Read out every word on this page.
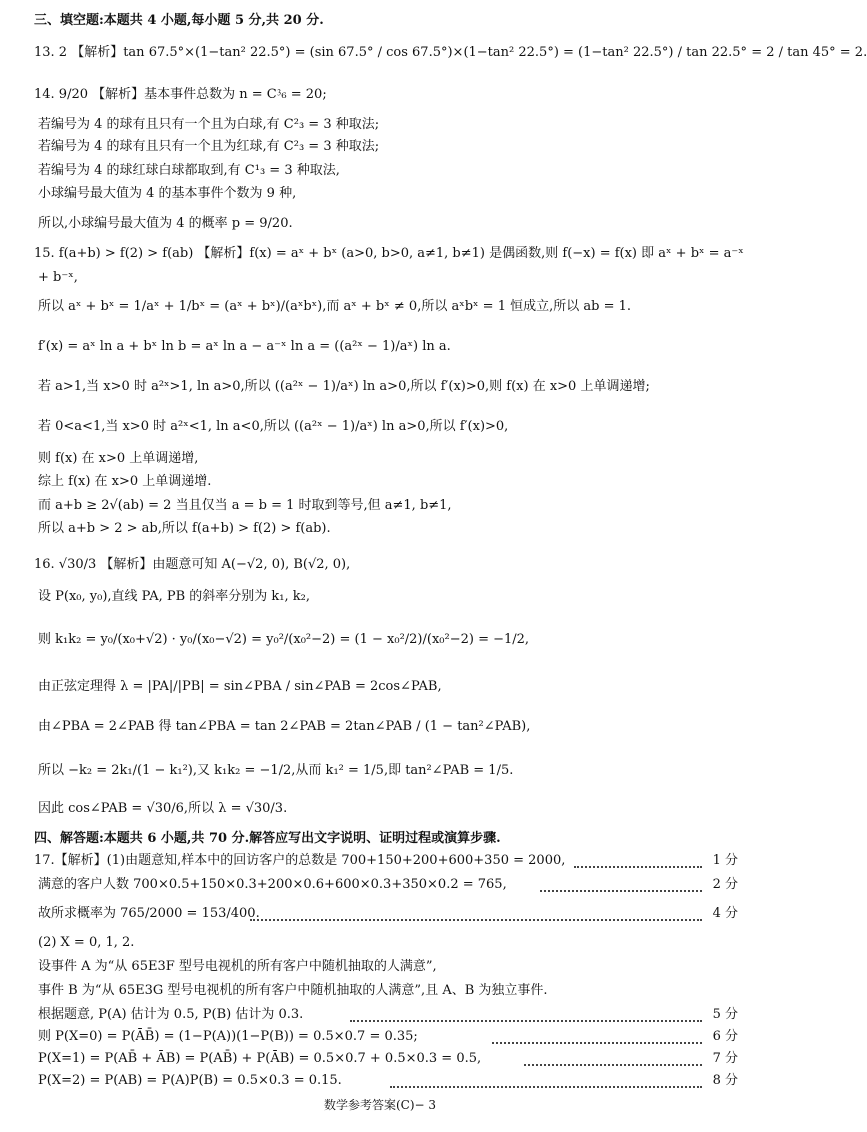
三、填空题:本题共 4 小题,每小题 5 分,共 20 分.
13. 2 【解析】tan 67.5°×(1−tan² 22.5°) = (sin 67.5° / cos 67.5°)×(1−tan² 22.5°) = (1−tan² 22.5°) / tan 22.5° = 2 / tan 45° = 2.
14. 9/20 【解析】基本事件总数为 n = C⁳₆ = 20;
若编号为 4 的球有且只有一个且为白球,有 C²₃ = 3 种取法;
若编号为 4 的球有且只有一个且为红球,有 C²₃ = 3 种取法;
若编号为 4 的球红球白球都取到,有 C¹₃ = 3 种取法,
小球编号最大值为 4 的基本事件个数为 9 种,
所以,小球编号最大值为 4 的概率 p = 9/20.
15. f(a+b) > f(2) > f(ab) 【解析】f(x) = aˣ + bˣ (a>0, b>0, a≠1, b≠1) 是偶函数,则 f(−x) = f(x) 即 aˣ + bˣ = a⁻ˣ
+ b⁻ˣ,
所以 aˣ + bˣ = 1/aˣ + 1/bˣ = (aˣ + bˣ)/(aˣbˣ),而 aˣ + bˣ ≠ 0,所以 aˣbˣ = 1 恒成立,所以 ab = 1.
f′(x) = aˣ ln a + bˣ ln b = aˣ ln a − a⁻ˣ ln a = ((a²ˣ − 1)/aˣ) ln a.
若 a>1,当 x>0 时 a²ˣ>1, ln a>0,所以 ((a²ˣ − 1)/aˣ) ln a>0,所以 f′(x)>0,则 f(x) 在 x>0 上单调递增;
若 0<a<1,当 x>0 时 a²ˣ<1, ln a<0,所以 ((a²ˣ − 1)/aˣ) ln a>0,所以 f′(x)>0,
则 f(x) 在 x>0 上单调递增,
综上 f(x) 在 x>0 上单调递增.
而 a+b ≥ 2√(ab) = 2 当且仅当 a = b = 1 时取到等号,但 a≠1, b≠1,
所以 a+b > 2 > ab,所以 f(a+b) > f(2) > f(ab).
16. √30/3 【解析】由题意可知 A(−√2, 0), B(√2, 0),
设 P(x₀, y₀),直线 PA, PB 的斜率分别为 k₁, k₂,
则 k₁k₂ = y₀/(x₀+√2) · y₀/(x₀−√2) = y₀²/(x₀²−2) = (1 − x₀²/2)/(x₀²−2) = −1/2,
由正弦定理得 λ = |PA|/|PB| = sin∠PBA / sin∠PAB = 2cos∠PAB,
由∠PBA = 2∠PAB 得 tan∠PBA = tan 2∠PAB = 2tan∠PAB / (1 − tan²∠PAB),
所以 −k₂ = 2k₁/(1 − k₁²),又 k₁k₂ = −1/2,从而 k₁² = 1/5,即 tan²∠PAB = 1/5.
因此 cos∠PAB = √30/6,所以 λ = √30/3.
四、解答题:本题共 6 小题,共 70 分.解答应写出文字说明、证明过程或演算步骤.
17.【解析】(1)由题意知,样本中的回访客户的总数是 700+150+200+600+350 = 2000,	1 分
满意的客户人数 700×0.5+150×0.3+200×0.6+600×0.3+350×0.2 = 765,	2 分
故所求概率为 765/2000 = 153/400.	4 分
(2) X = 0, 1, 2.
设事件 A 为“从 65E3F 型号电视机的所有客户中随机抽取的人满意”,
事件 B 为“从 65E3G 型号电视机的所有客户中随机抽取的人满意”,且 A、B 为独立事件.
根据题意, P(A) 估计为 0.5, P(B) 估计为 0.3.	5 分
则 P(X=0) = P(ĀB̄) = (1−P(A))(1−P(B)) = 0.5×0.7 = 0.35;	6 分
P(X=1) = P(AB̄ + ĀB) = P(AB̄) + P(ĀB) = 0.5×0.7 + 0.5×0.3 = 0.5,	7 分
P(X=2) = P(AB) = P(A)P(B) = 0.5×0.3 = 0.15.	8 分
数学参考答案(C)− 3
